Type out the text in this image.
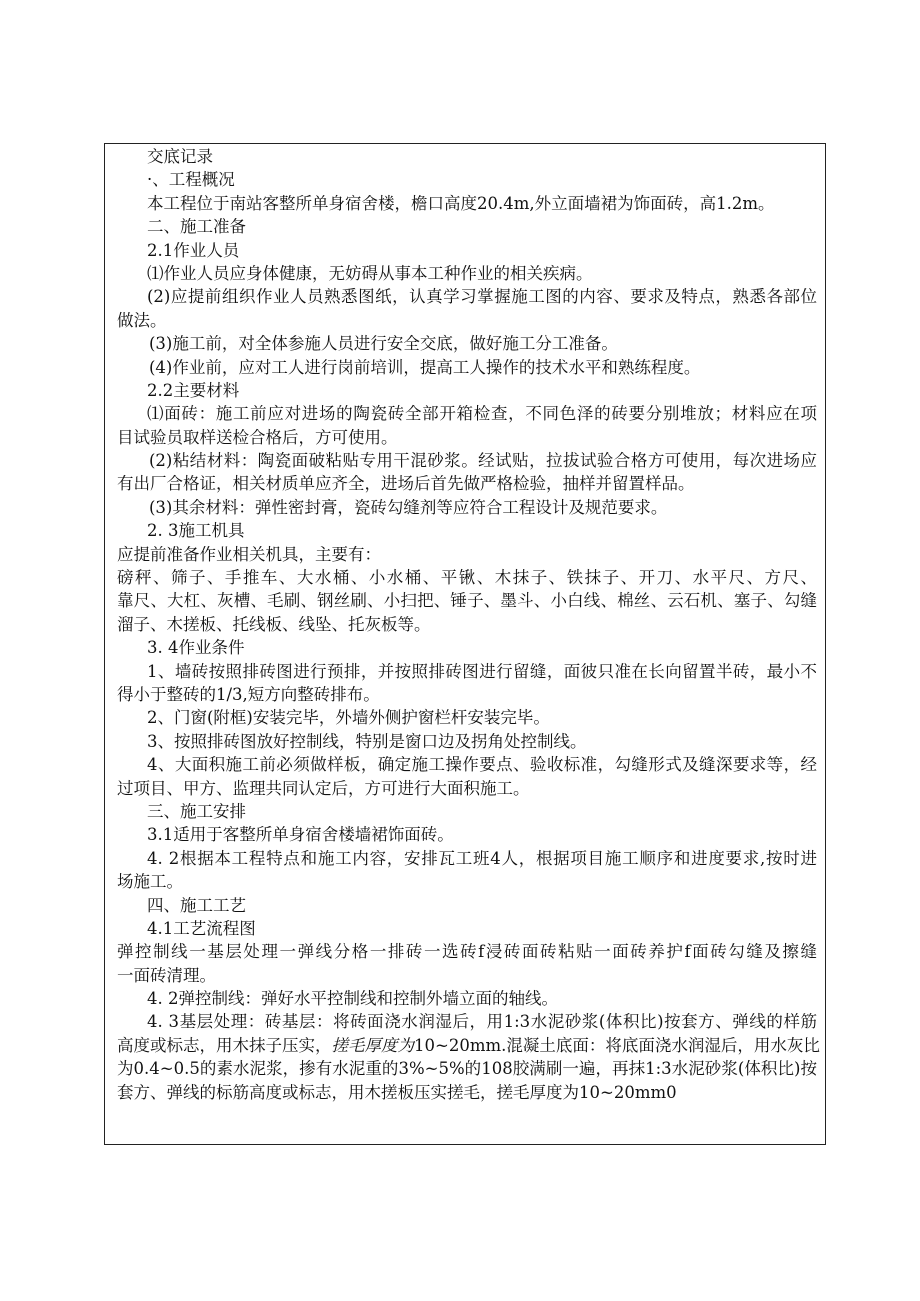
交底记录
·、工程概况
本工程位于南站客整所单身宿舍楼，檐口高度20.4m,外立面墙裙为饰面砖，高1.2m。
二、施工准备
2.1作业人员
⑴作业人员应身体健康，无妨碍从事本工种作业的相关疾病。
(2)应提前组织作业人员熟悉图纸，认真学习掌握施工图的内容、要求及特点，熟悉各部位
做法。
(3)施工前，对全体参施人员进行安全交底，做好施工分工准备。
(4)作业前，应对工人进行岗前培训，提高工人操作的技术水平和熟练程度。
2.2主要材料
⑴面砖：施工前应对进场的陶瓷砖全部开箱检查，不同色泽的砖要分别堆放；材料应在项
目试验员取样送检合格后，方可使用。
(2)粘结材料：陶瓷面破粘贴专用干混砂浆。经试贴，拉拔试验合格方可使用，每次进场应
有出厂合格证，相关材质单应齐全，进场后首先做严格检验，抽样并留置样品。
(3)其余材料：弹性密封膏，瓷砖勾缝剂等应符合工程设计及规范要求。
2. 3施工机具
应提前准备作业相关机具，主要有：
磅秤、筛子、手推车、大水桶、小水桶、平锹、木抹子、铁抹子、开刀、水平尺、方尺、
靠尺、大杠、灰槽、毛刷、钢丝刷、小扫把、锤子、墨斗、小白线、棉丝、云石机、塞子、勾缝
溜子、木搓板、托线板、线坠、托灰板等。
3. 4作业条件
1、墙砖按照排砖图进行预排，并按照排砖图进行留缝，面彼只准在长向留置半砖，最小不
得小于整砖的1/3,短方向整砖排布。
2、门窗(附框)安装完毕，外墙外侧护窗栏杆安装完毕。
3、按照排砖图放好控制线，特别是窗口边及拐角处控制线。
4、大面积施工前必须做样板，确定施工操作要点、验收标准，勾缝形式及缝深要求等，经
过项目、甲方、监理共同认定后，方可进行大面积施工。
三、施工安排
3.1适用于客整所单身宿舍楼墙裙饰面砖。
4. 2根据本工程特点和施工内容，安排瓦工班4人，根据项目施工顺序和进度要求,按时进
场施工。
四、施工工艺
4.1工艺流程图
弹控制线一基层处理一弹线分格一排砖一选砖f浸砖面砖粘贴一面砖养护f面砖勾缝及擦缝
一面砖清理。
4. 2弹控制线：弹好水平控制线和控制外墙立面的轴线。
4. 3基层处理：砖基层：将砖面浇水润湿后，用1:3水泥砂浆(体积比)按套方、弹线的样筋
高度或标志，用木抹子压实，搓毛厚度为10~20mm.混凝土底面：将底面浇水润湿后，用水灰比
为0.4~0.5的素水泥浆，掺有水泥重的3%~5%的108胶满刷一遍，再抹1:3水泥砂浆(体积比)按
套方、弹线的标筋高度或标志，用木搓板压实搓毛，搓毛厚度为10~20mm0
